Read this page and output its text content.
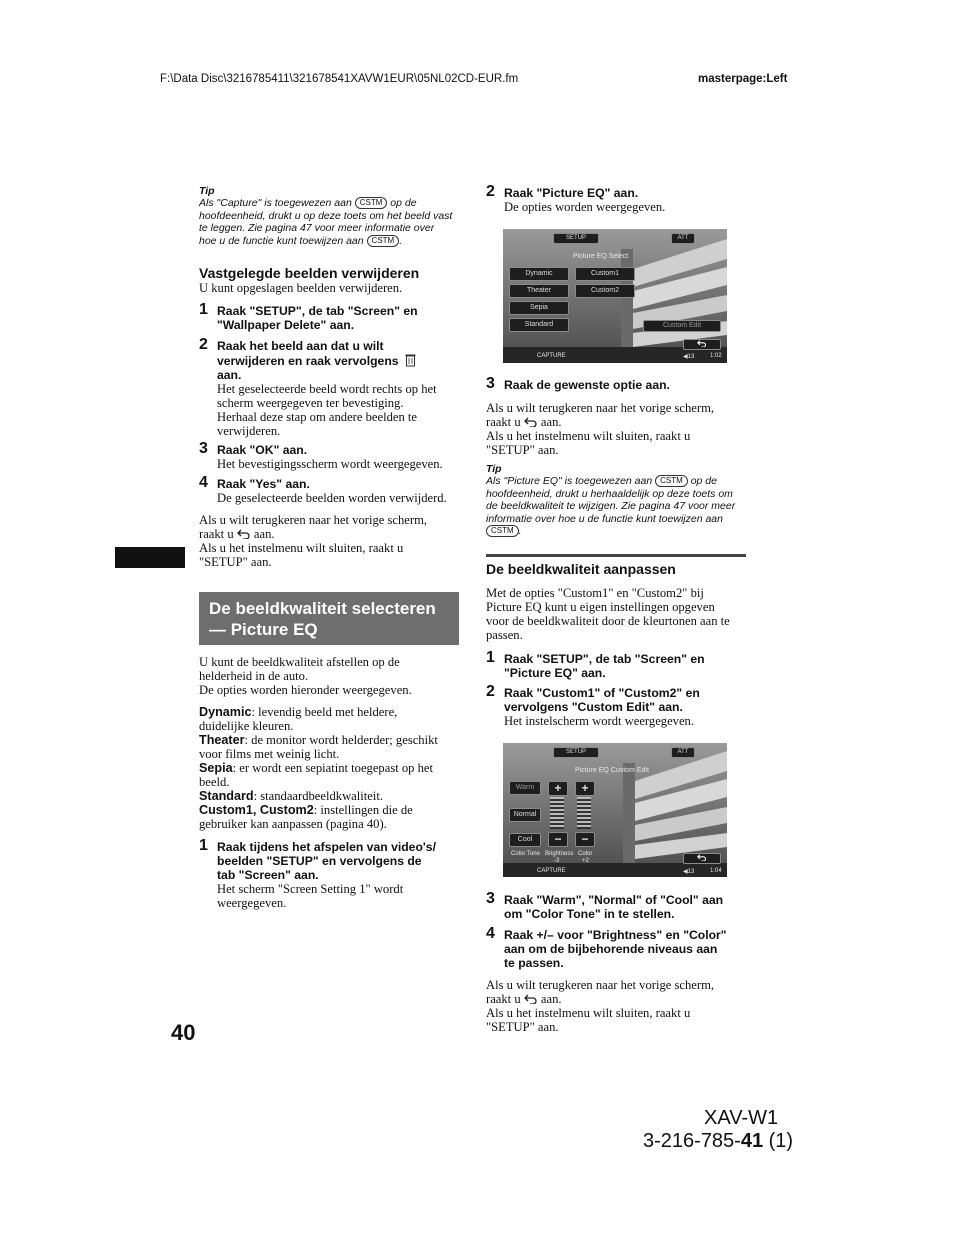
F:\Data Disc\3216785411\321678541XAVW1EUR\05NL02CD-EUR.fm	masterpage:Left
Tip
Als "Capture" is toegewezen aan CSTM op de
hoofdeenheid, drukt u op deze toets om het beeld vast
te leggen. Zie pagina 47 voor meer informatie over
hoe u de functie kunt toewijzen aan CSTM .
Vastgelegde beelden verwijderen
U kunt opgeslagen beelden verwijderen.
1 Raak "SETUP", de tab "Screen" en
"Wallpaper Delete" aan.
2 Raak het beeld aan dat u wilt
verwijderen en raak vervolgens
aan.
Het geselecteerde beeld wordt rechts op het
scherm weergegeven ter bevestiging.
Herhaal deze stap om andere beelden te
verwijderen.
3 Raak "OK" aan.
Het bevestigingsscherm wordt weergegeven.
4 Raak "Yes" aan.
De geselecteerde beelden worden verwijderd.
Als u wilt terugkeren naar het vorige scherm,
raakt u  aan.
Als u het instelmenu wilt sluiten, raakt u
"SETUP" aan.
De beeldkwaliteit selecteren
— Picture EQ
U kunt de beeldkwaliteit afstellen op de
helderheid in de auto.
De opties worden hieronder weergegeven.
Dynamic: levendig beeld met heldere,
duidelijke kleuren.
Theater: de monitor wordt helderder; geschikt
voor films met weinig licht.
Sepia: er wordt een sepiatint toegepast op het
beeld.
Standard: standaardbeeldkwaliteit.
Custom1, Custom2: instellingen die de
gebruiker kan aanpassen (pagina 40).
1 Raak tijdens het afspelen van video's/
beelden "SETUP" en vervolgens de
tab "Screen" aan.
Het scherm "Screen Setting 1" wordt
weergegeven.
40
2 Raak "Picture EQ" aan.
De opties worden weergegeven.
SETUP	ATT
Picture EQ Select
Dynamic
Theater
Sepia
Standard
Custom1
Custom2
Custom Edit
CAPTURE	◀13	1:02
3 Raak de gewenste optie aan.
Als u wilt terugkeren naar het vorige scherm,
raakt u  aan.
Als u het instelmenu wilt sluiten, raakt u
"SETUP" aan.
Tip
Als "Picture EQ" is toegewezen aan CSTM op de
hoofdeenheid, drukt u herhaaldelijk op deze toets om
de beeldkwaliteit te wijzigen. Zie pagina 47 voor meer
informatie over hoe u de functie kunt toewijzen aan
CSTM .
De beeldkwaliteit aanpassen
Met de opties "Custom1" en "Custom2" bij
Picture EQ kunt u eigen instellingen opgeven
voor de beeldkwaliteit door de kleurtonen aan te
passen.
1 Raak "SETUP", de tab "Screen" en
"Picture EQ" aan.
2 Raak "Custom1" of "Custom2" en
vervolgens "Custom Edit" aan.
Het instelscherm wordt weergegeven.
SETUP	ATT
Picture EQ Custom Edit
Warm
Normal
Cool
+	+
−	−
Color Tone Brightness Color
-3	+2
CAPTURE	◀13	1:04
3 Raak "Warm", "Normal" of "Cool" aan
om "Color Tone" in te stellen.
4 Raak +/– voor "Brightness" en "Color"
aan om de bijbehorende niveaus aan
te passen.
Als u wilt terugkeren naar het vorige scherm,
raakt u  aan.
Als u het instelmenu wilt sluiten, raakt u
"SETUP" aan.
XAV-W1
3-216-785-41 (1)
